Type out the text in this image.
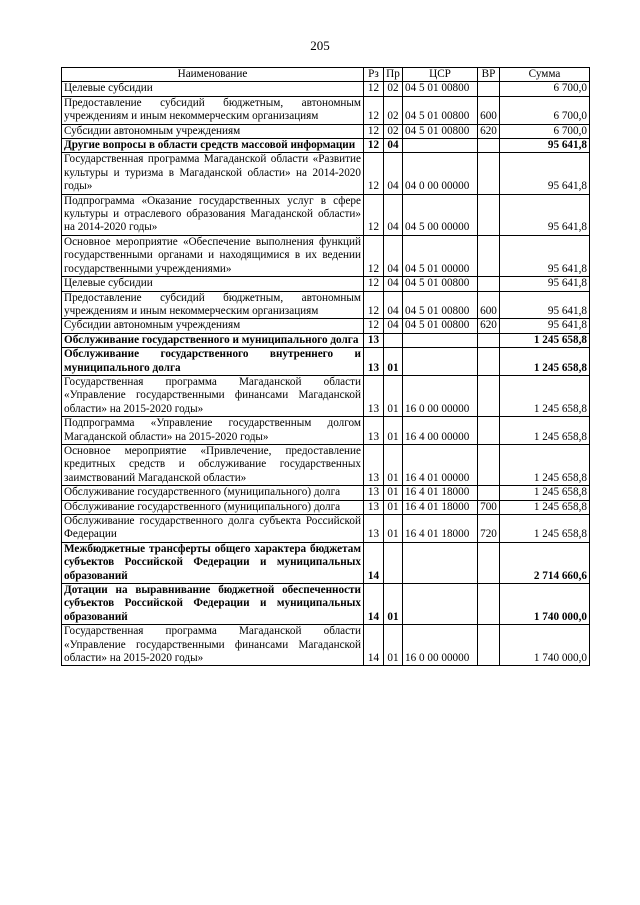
205
Наименование	Рз	Пр	ЦСР	ВР	Сумма
Целевые субсидии	12	02	04 5 01 00800		6 700,0
Предоставление субсидий бюджетным, автономным учреждениям и иным некоммерческим организациям	12	02	04 5 01 00800	600	6 700,0
Субсидии автономным учреждениям	12	02	04 5 01 00800	620	6 700,0
Другие вопросы в области средств массовой информации	12	04			95 641,8
Государственная программа Магаданской области «Развитие культуры и туризма в Магаданской области» на 2014-2020 годы»	12	04	04 0 00 00000		95 641,8
Подпрограмма «Оказание государственных услуг в сфере культуры и отраслевого образования Магаданской области» на 2014-2020 годы»	12	04	04 5 00 00000		95 641,8
Основное мероприятие «Обеспечение выполнения функций государственными органами и находящимися в их ведении государственными учреждениями»	12	04	04 5 01 00000		95 641,8
Целевые субсидии	12	04	04 5 01 00800		95 641,8
Предоставление субсидий бюджетным, автономным учреждениям и иным некоммерческим организациям	12	04	04 5 01 00800	600	95 641,8
Субсидии автономным учреждениям	12	04	04 5 01 00800	620	95 641,8
Обслуживание государственного и муниципального долга	13				1 245 658,8
Обслуживание государственного внутреннего и муниципального долга	13	01			1 245 658,8
Государственная программа Магаданской области «Управление государственными финансами Магаданской области» на 2015-2020 годы»	13	01	16 0 00 00000		1 245 658,8
Подпрограмма «Управление государственным долгом Магаданской области» на 2015-2020 годы»	13	01	16 4 00 00000		1 245 658,8
Основное мероприятие «Привлечение, предоставление кредитных средств и обслуживание государственных заимствований Магаданской области»	13	01	16 4 01 00000		1 245 658,8
Обслуживание государственного (муниципального) долга	13	01	16 4 01 18000		1 245 658,8
Обслуживание государственного (муниципального) долга	13	01	16 4 01 18000	700	1 245 658,8
Обслуживание государственного долга субъекта Российской Федерации	13	01	16 4 01 18000	720	1 245 658,8
Межбюджетные трансферты общего характера бюджетам субъектов Российской Федерации и муниципальных образований	14				2 714 660,6
Дотации на выравнивание бюджетной обеспеченности субъектов Российской Федерации и муниципальных образований	14	01			1 740 000,0
Государственная программа Магаданской области «Управление государственными финансами Магаданской области» на 2015-2020 годы»	14	01	16 0 00 00000		1 740 000,0
